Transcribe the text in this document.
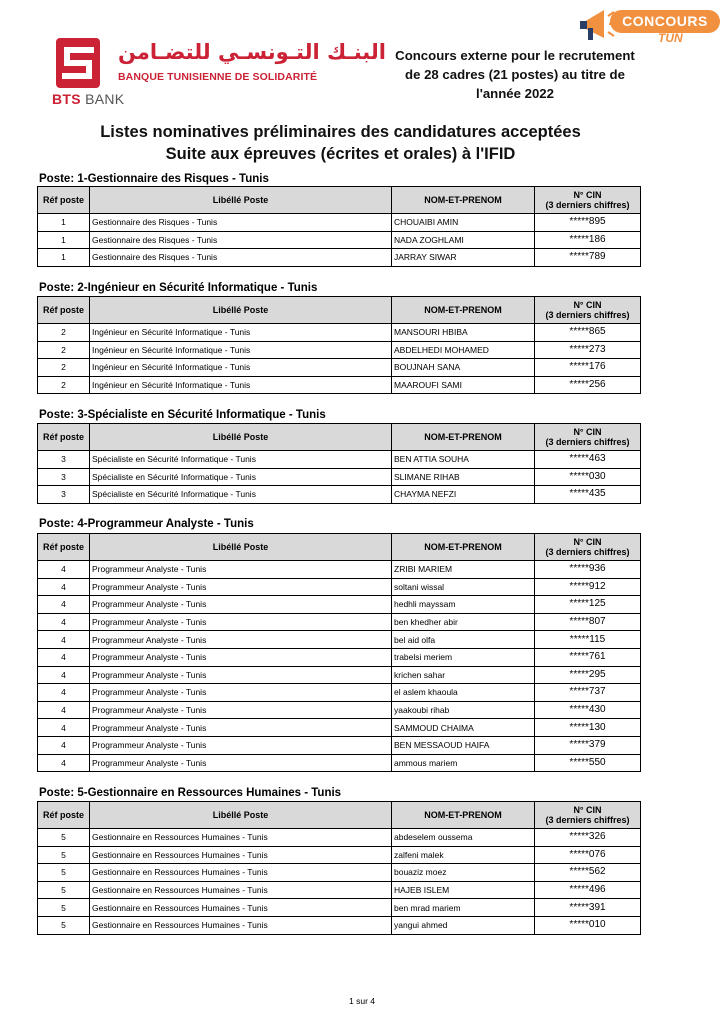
البنـك التـونسـي للتضـامن
BANQUE TUNISIENNE DE SOLIDARITÉ
BTS BANK
Concours externe pour le recrutement
de 28 cadres (21 postes) au titre de
l'année 2022
CONCOURS
TUN
Listes nominatives préliminaires des candidatures acceptées
Suite aux épreuves (écrites et orales) à l'IFID
Poste: 1-Gestionnaire des Risques - Tunis
Réf poste	Libéllé Poste	NOM-ET-PRENOM	N° CIN
(3 derniers chiffres)

1	Gestionnaire des Risques - Tunis	CHOUAIBI AMIN	*****895
1	Gestionnaire des Risques - Tunis	NADA ZOGHLAMI	*****186
1	Gestionnaire des Risques - Tunis	JARRAY SIWAR	*****789
Poste: 2-Ingénieur en Sécurité Informatique - Tunis
Réf poste	Libéllé Poste	NOM-ET-PRENOM	N° CIN
(3 derniers chiffres)

2	Ingénieur en Sécurité Informatique - Tunis	MANSOURI HBIBA	*****865
2	Ingénieur en Sécurité Informatique - Tunis	ABDELHEDI MOHAMED	*****273
2	Ingénieur en Sécurité Informatique - Tunis	BOUJNAH SANA	*****176
2	Ingénieur en Sécurité Informatique - Tunis	MAAROUFI SAMI	*****256
Poste: 3-Spécialiste en Sécurité Informatique - Tunis
Réf poste	Libéllé Poste	NOM-ET-PRENOM	N° CIN
(3 derniers chiffres)

3	Spécialiste en Sécurité Informatique - Tunis	BEN ATTIA SOUHA	*****463
3	Spécialiste en Sécurité Informatique - Tunis	SLIMANE RIHAB	*****030
3	Spécialiste en Sécurité Informatique - Tunis	CHAYMA NEFZI	*****435
Poste: 4-Programmeur Analyste - Tunis
Réf poste	Libéllé Poste	NOM-ET-PRENOM	N° CIN
(3 derniers chiffres)

4	Programmeur Analyste - Tunis	ZRIBI MARIEM	*****936
4	Programmeur Analyste - Tunis	soltani wissal	*****912
4	Programmeur Analyste - Tunis	hedhli mayssam	*****125
4	Programmeur Analyste - Tunis	ben khedher abir	*****807
4	Programmeur Analyste - Tunis	bel aid olfa	*****115
4	Programmeur Analyste - Tunis	trabelsi meriem	*****761
4	Programmeur Analyste - Tunis	krichen sahar	*****295
4	Programmeur Analyste - Tunis	el aslem khaoula	*****737
4	Programmeur Analyste - Tunis	yaakoubi rihab	*****430
4	Programmeur Analyste - Tunis	SAMMOUD CHAIMA	*****130
4	Programmeur Analyste - Tunis	BEN MESSAOUD HAIFA	*****379
4	Programmeur Analyste - Tunis	ammous mariem	*****550
Poste: 5-Gestionnaire en Ressources Humaines - Tunis
Réf poste	Libéllé Poste	NOM-ET-PRENOM	N° CIN
(3 derniers chiffres)

5	Gestionnaire en Ressources Humaines - Tunis	abdeselem oussema	*****326
5	Gestionnaire en Ressources Humaines - Tunis	zalfeni malek	*****076
5	Gestionnaire en Ressources Humaines - Tunis	bouaziz moez	*****562
5	Gestionnaire en Ressources Humaines - Tunis	HAJEB ISLEM	*****496
5	Gestionnaire en Ressources Humaines - Tunis	ben mrad mariem	*****391
5	Gestionnaire en Ressources Humaines - Tunis	yangui ahmed	*****010
1 sur 4
